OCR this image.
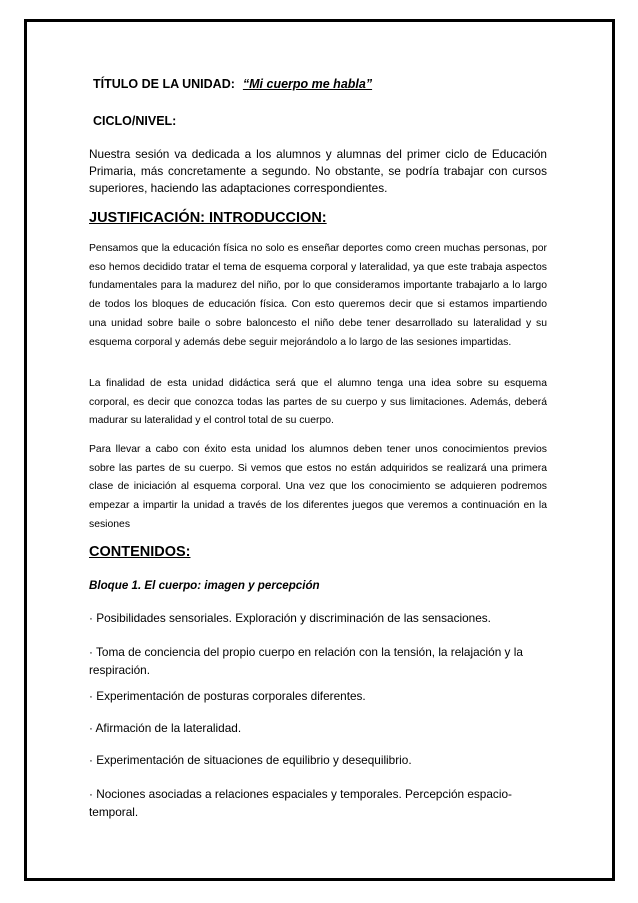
TÍTULO DE LA UNIDAD: “Mi cuerpo me habla”

CICLO/NIVEL:

Nuestra sesión va dedicada a los alumnos y alumnas del primer ciclo de Educación Primaria, más concretamente a segundo. No obstante, se podría trabajar con cursos superiores, haciendo las adaptaciones correspondientes.

JUSTIFICACIÓN: INTRODUCCION:

Pensamos que la educación física no solo es enseñar deportes como creen muchas personas, por eso hemos decidido tratar el tema de esquema corporal y lateralidad, ya que este trabaja aspectos fundamentales para la madurez del niño, por lo que consideramos importante trabajarlo a lo largo de todos los bloques de educación física. Con esto queremos decir que si estamos impartiendo una unidad sobre baile o sobre baloncesto el niño debe tener desarrollado su lateralidad y su esquema corporal y además debe seguir mejorándolo a lo largo de las sesiones impartidas.

La finalidad de esta unidad didáctica será que el alumno tenga una idea sobre su esquema corporal, es decir que conozca todas las partes de su cuerpo y sus limitaciones. Además, deberá madurar su lateralidad y el control total de su cuerpo.

Para llevar a cabo con éxito esta unidad los alumnos deben tener unos conocimientos previos sobre las partes de su cuerpo. Si vemos que estos no están adquiridos se realizará una primera clase de iniciación al esquema corporal. Una vez que los conocimiento se adquieren podremos empezar a impartir la unidad a través de los diferentes juegos que veremos a continuación en la sesiones

CONTENIDOS:

Bloque 1. El cuerpo: imagen y percepción

· Posibilidades sensoriales. Exploración y discriminación de las sensaciones.

· Toma de conciencia del propio cuerpo en relación con la tensión, la relajación y la respiración.

· Experimentación de posturas corporales diferentes.

· Afirmación de la lateralidad.

· Experimentación de situaciones de equilibrio y desequilibrio.

· Nociones asociadas a relaciones espaciales y temporales. Percepción espacio-temporal.
